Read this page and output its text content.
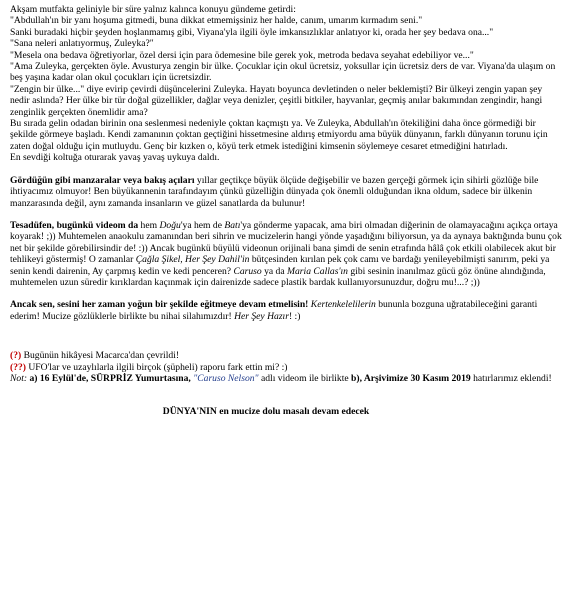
Akşam mutfakta geliniyle bir süre yalnız kalınca konuyu gündeme getirdi:

"Abdullah'ın bir yanı hoşuma gitmedi, buna dikkat etmemişsiniz her halde, canım, umarım kırmadım seni."

Sanki buradaki hiçbir şeyden hoşlanmamış gibi, Viyana'yla ilgili öyle imkansızlıklar anlatıyor ki, orada her şey bedava ona..."

"Sana neleri anlatıyormuş, Zuleyka?"

"Mesela ona bedava öğretiyorlar, özel dersi için para ödemesine bile gerek yok, metroda bedava seyahat edebiliyor ve..."

"Ama Zuleyka, gerçekten öyle. Avusturya zengin bir ülke. Çocuklar için okul ücretsiz, yoksullar için ücretsiz ders de var. Viyana'da ulaşım on beş yaşına kadar olan okul çocukları için ücretsizdir.

"Zengin bir ülke..." diye evirip çevirdi düşüncelerini Zuleyka. Hayatı boyunca devletinden o neler beklemişti? Bir ülkeyi zengin yapan şey nedir aslında? Her ülke bir tür doğal güzellikler, dağlar veya denizler, çeşitli bitkiler, hayvanlar, geçmiş anılar bakımından zengindir, hangi zenginlik gerçekten önemlidir ama?

Bu sırada gelin odadan birinin ona seslenmesi nedeniyle çoktan kaçmıştı ya. Ve Zuleyka, Abdullah'ın ötekiliğini daha önce görmediği bir şekilde görmeye başladı. Kendi zamanının çoktan geçtiğini hissetmesine aldırış etmiyordu ama büyük dünyanın, farklı dünyanın torunu için zaten doğal olduğu için mutluydu. Genç bir kızken o, köyü terk etmek istediğini kimsenin söylemeye cesaret etmediğini hatırladı.

En sevdiği koltuğa oturarak yavaş yavaş uykuya daldı.

Gördüğün gibi manzaralar veya bakış açıları yıllar geçtikçe büyük ölçüde değişebilir ve bazen gerçeği görmek için sihirli gözlüğe bile ihtiyacımız olmuyor! Ben büyükannenin tarafındayım çünkü güzelliğin dünyada çok önemli olduğundan ikna oldum, sadece bir ülkenin manzarasında değil, aynı zamanda insanların ve güzel sanatlarda da bulunur!

Tesadüfen, bugünkü videom da hem Doğu'ya hem de Batı'ya gönderme yapacak, ama biri olmadan diğerinin de olamayacağını açıkça ortaya koyarak! ;)) Muhtemelen anaokulu zamanından beri sihrin ve mucizelerin hangi yönde yaşadığını biliyorsun, ya da aynaya baktığında bunu çok net bir şekilde görebilirsindir de! :)) Ancak bugünkü büyülü videonun orijinali bana şimdi de senin etrafında hâlâ çok etkili olabilecek akut bir tehlikeyi göstermiş! O zamanlar Çağla Şikel, Her Şey Dahil'in bütçesinden kırılan pek çok camı ve bardağı yenileyebilmişti sanırım, peki ya senin kendi dairenin, Ay çarpmış kedin ve kedi penceren? Caruso ya da Maria Callas'ın gibi sesinin inanılmaz gücü göz önüne alındığında, muhtemelen uzun süredir kırıklardan kaçınmak için dairenizde sadece plastik bardak kullanıyorsunuzdur, doğru mu!...? ;))

Ancak sen, sesini her zaman yoğun bir şekilde eğitmeye devam etmelisin! Kertenkelelilerin bununla bozguna uğratabileceğini garanti ederim! Mucize gözlüklerle birlikte bu nihai silahımızdır! Her Şey Hazır! :)

(?) Bugünün hikâyesi Macarca'dan çevrildi!

(??) UFO'lar ve uzaylılarla ilgili birçok (şüpheli) raporu fark ettin mi? :)

Not: a) 16 Eylül'de, SÜRPRİZ Yumurtasına, "Caruso Nelson" adlı videom ile birlikte b), Arşivimize 30 Kasım 2019 hatırlarımız eklendi!

DÜNYA'NIN en mucize dolu masalı devam edecek
